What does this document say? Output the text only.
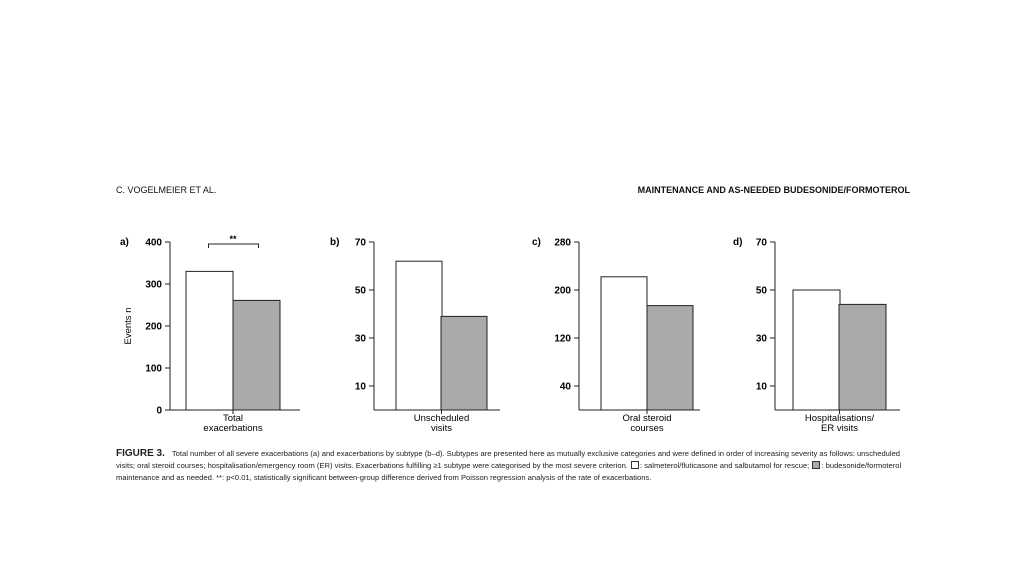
C. VOGELMEIER ET AL.	MAINTENANCE AND AS-NEEDED BUDESONIDE/FORMOTEROL
a)
0
100
200
300
400
Total
exacerbations
**
Events n
b)
10
30
50
70
Unscheduled
visits
c)
40
120
200
280
Oral steroid
courses
d)
10
30
50
70
Hospitalisations/
ER visits
FIGURE 3. Total number of all severe exacerbations (a) and exacerbations by subtype (b–d). Subtypes are presented here as mutually exclusive categories and were defined in order of increasing severity as follows: unscheduled visits; oral steroid courses; hospitalisation/emergency room (ER) visits. Exacerbations fulfilling ≥1 subtype were categorised by the most severe criterion. : salmeterol/fluticasone and salbutamol for rescue; : budesonide/formoterol maintenance and as needed. **: p<0.01, statistically significant between-group difference derived from Poisson regression analysis of the rate of exacerbations.
